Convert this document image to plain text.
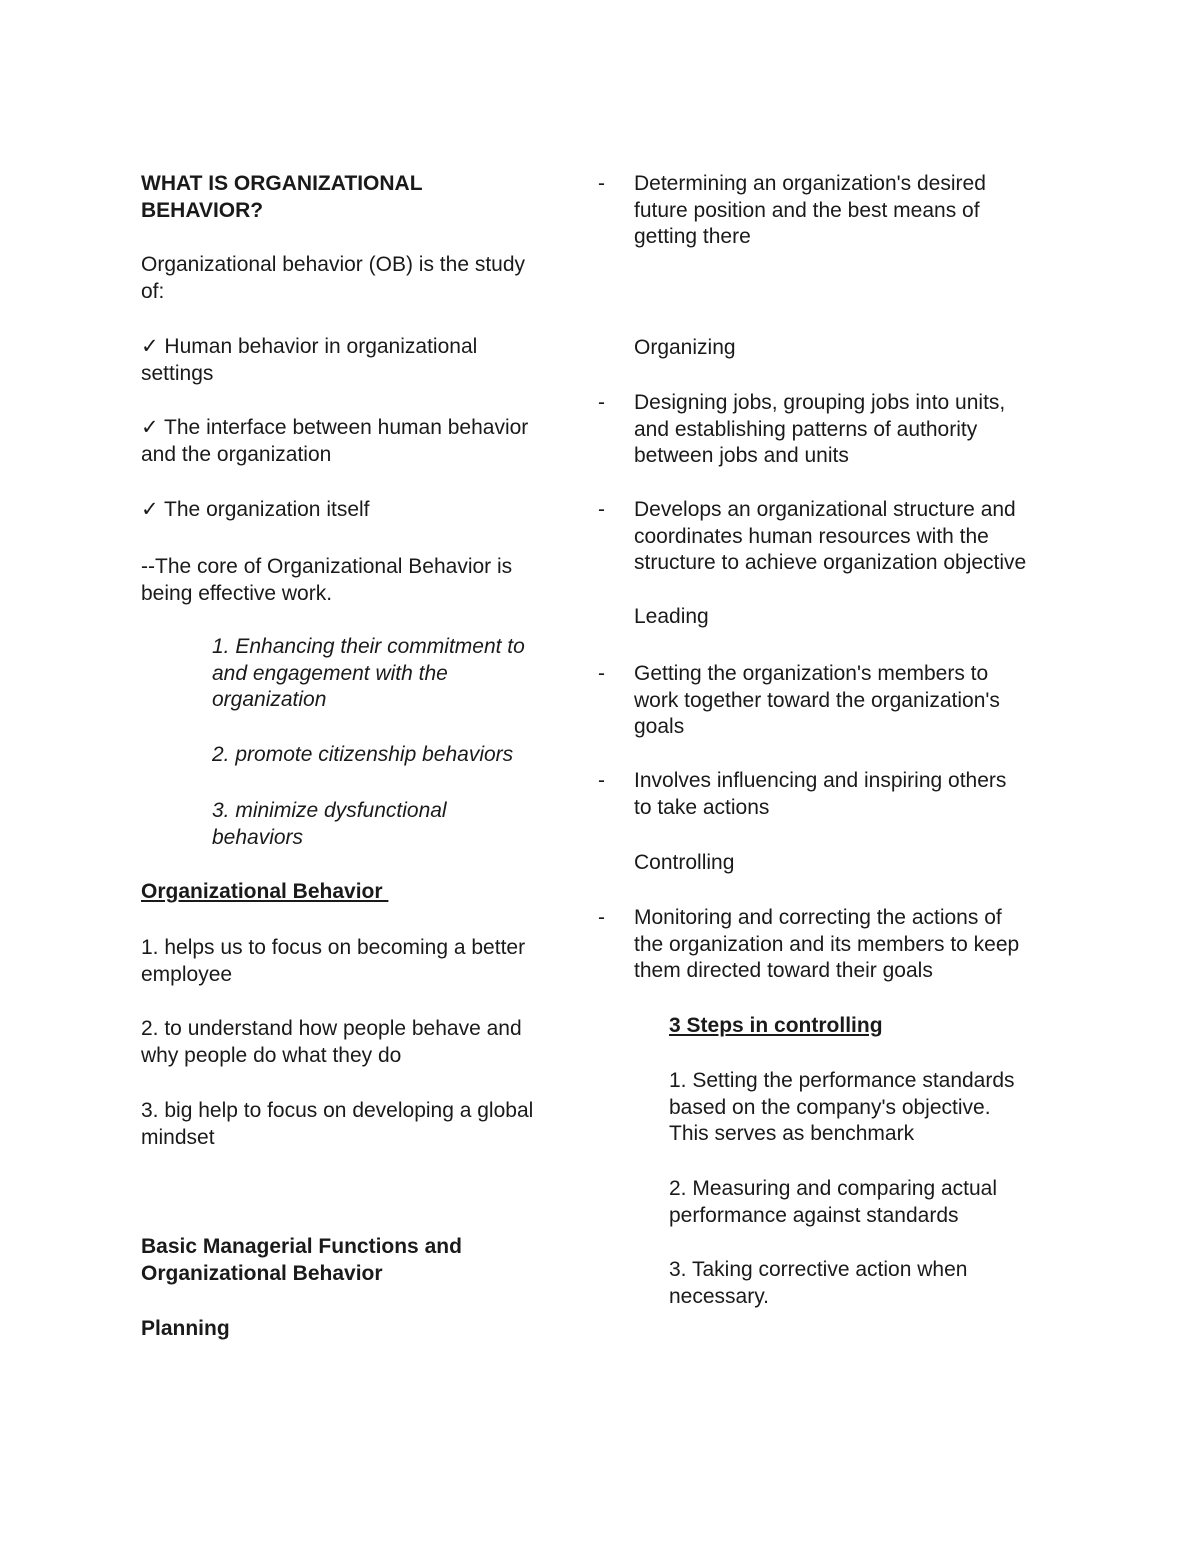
WHAT IS ORGANIZATIONAL
BEHAVIOR?
Organizational behavior (OB) is the study
of:
✓ Human behavior in organizational
settings
✓ The interface between human behavior
and the organization
✓ The organization itself
--The core of Organizational Behavior is
being effective work.
1. Enhancing their commitment to
and engagement with the
organization
2. promote citizenship behaviors
3. minimize dysfunctional
behaviors
Organizational Behavior
1. helps us to focus on becoming a better
employee
2. to understand how people behave and
why people do what they do
3. big help to focus on developing a global
mindset
Basic Managerial Functions and
Organizational Behavior
Planning
- Determining an organization's desired
future position and the best means of
getting there
Organizing
- Designing jobs, grouping jobs into units,
and establishing patterns of authority
between jobs and units
- Develops an organizational structure and
coordinates human resources with the
structure to achieve organization objective
Leading
- Getting the organization's members to
work together toward the organization's
goals
- Involves influencing and inspiring others
to take actions
Controlling
- Monitoring and correcting the actions of
the organization and its members to keep
them directed toward their goals
3 Steps in controlling
1. Setting the performance standards
based on the company's objective.
This serves as benchmark
2. Measuring and comparing actual
performance against standards
3. Taking corrective action when
necessary.
